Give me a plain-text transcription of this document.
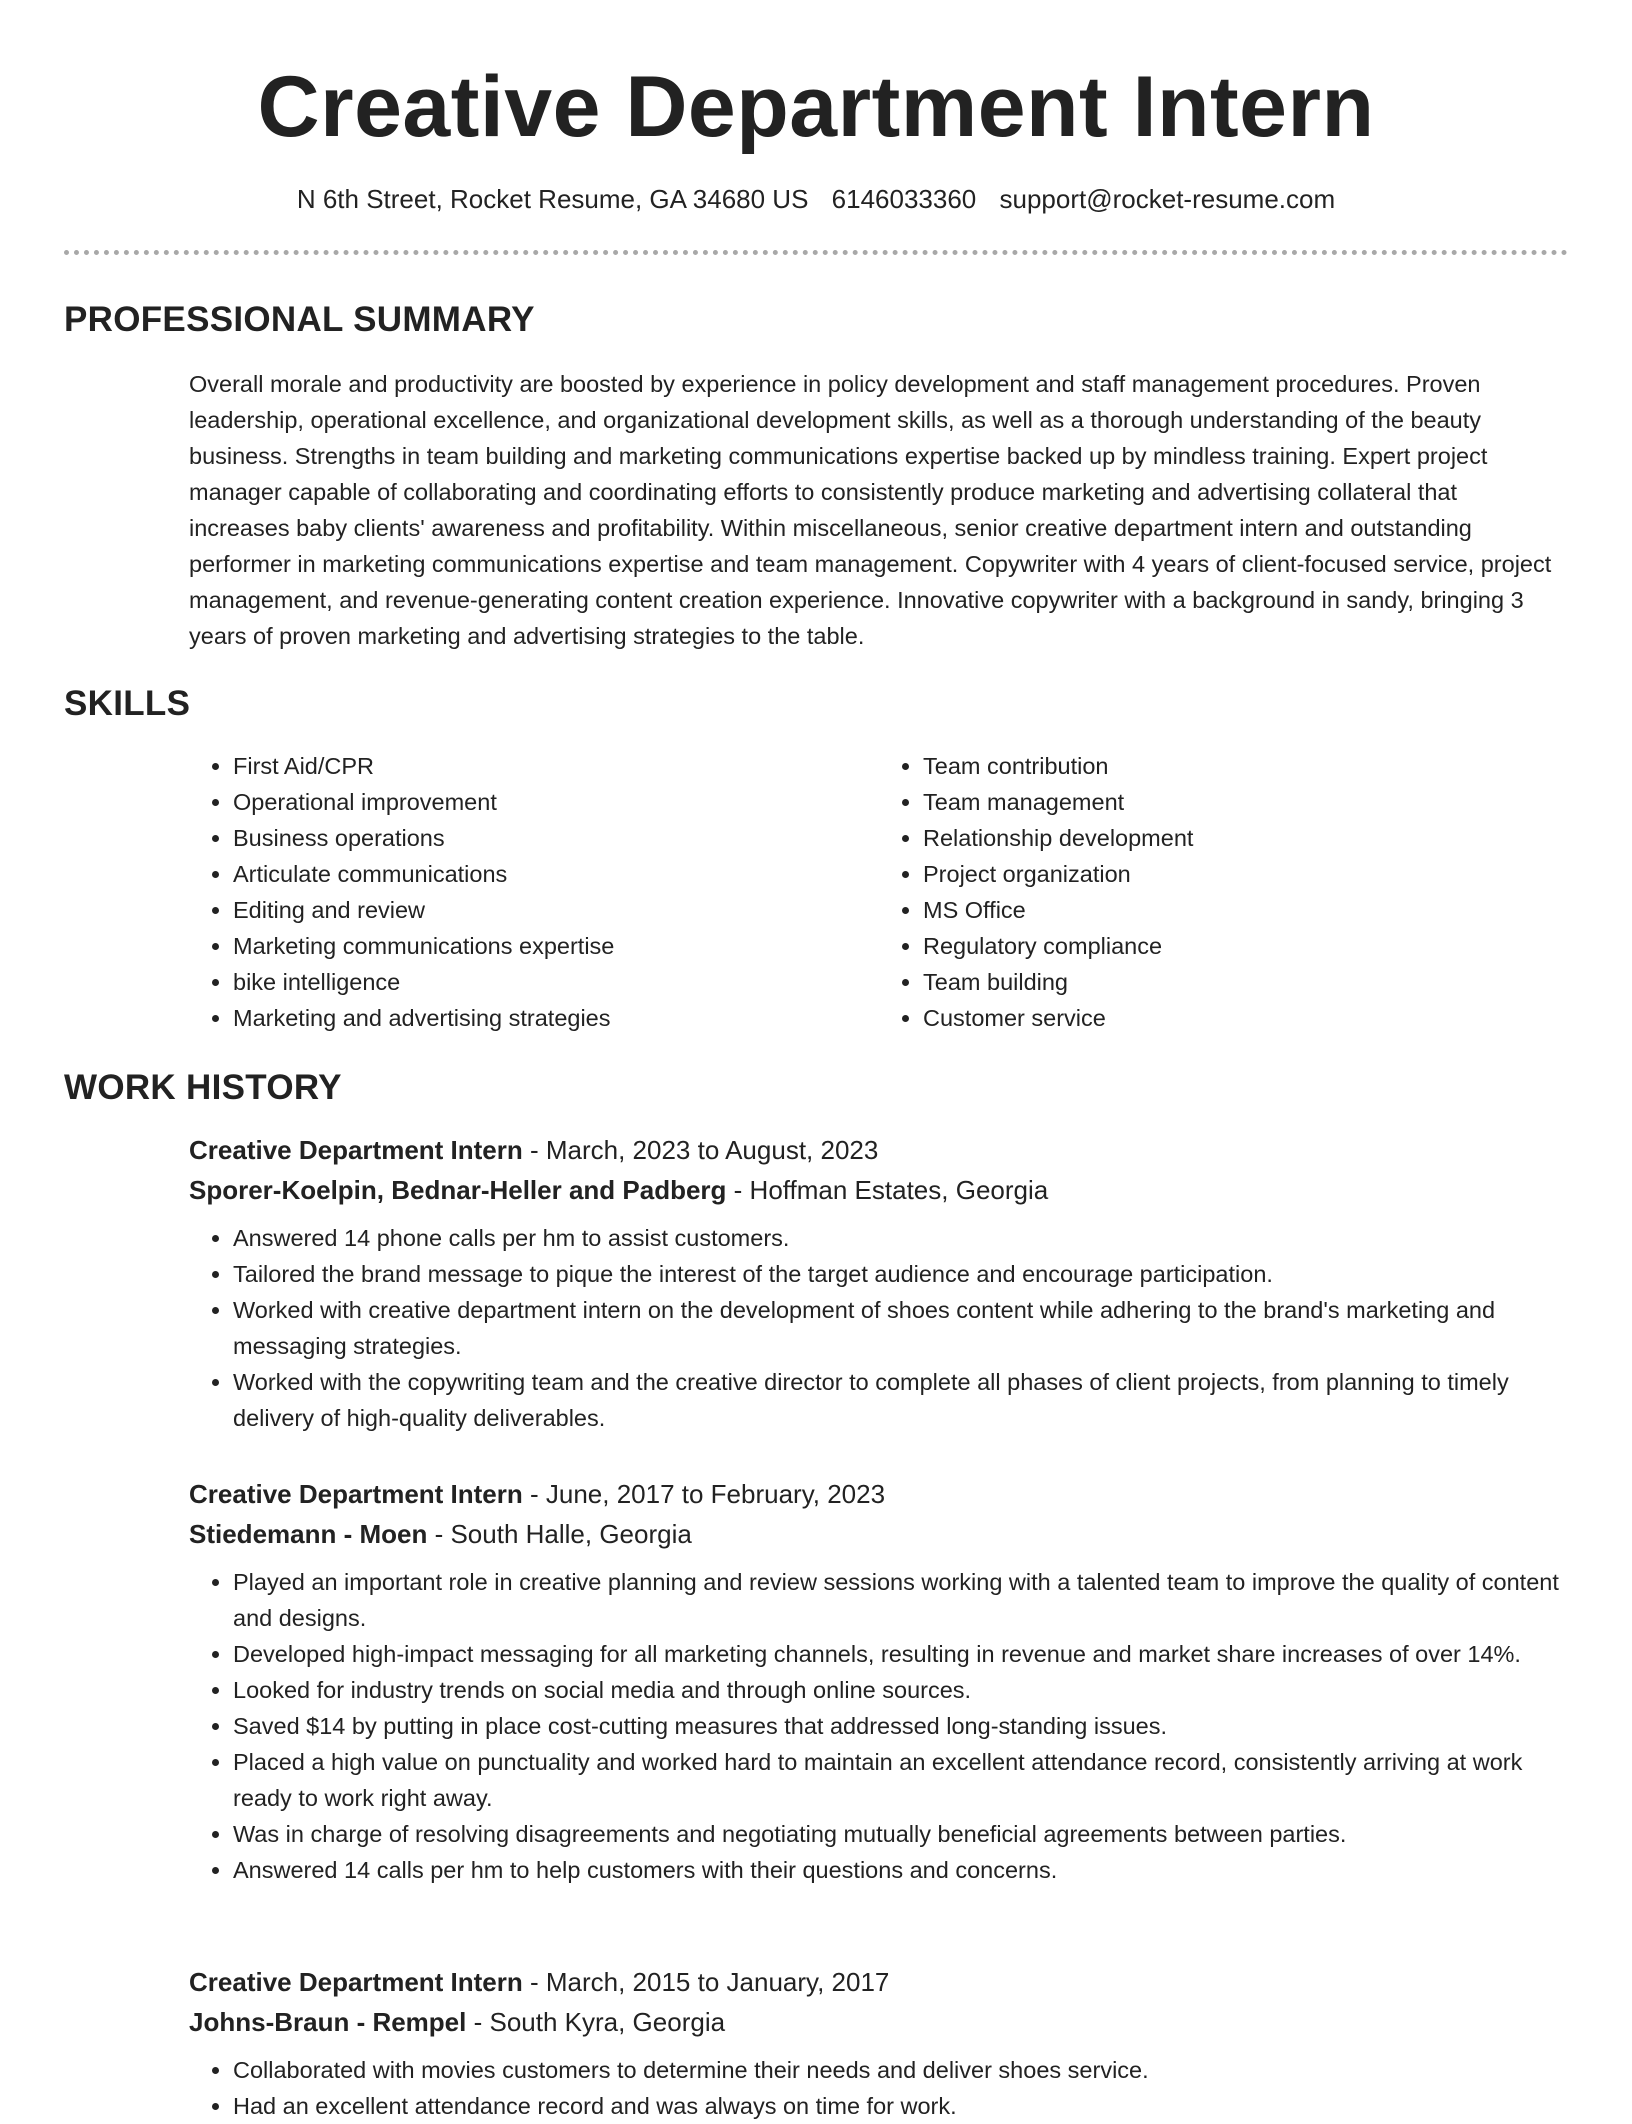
Creative Department Intern
N 6th Street, Rocket Resume, GA 34680 US 6146033360 support@rocket-resume.com
PROFESSIONAL SUMMARY

Overall morale and productivity are boosted by experience in policy development and staff management procedures. Proven leadership, operational excellence, and organizational development skills, as well as a thorough understanding of the beauty business. Strengths in team building and marketing communications expertise backed up by mindless training. Expert project manager capable of collaborating and coordinating efforts to consistently produce marketing and advertising collateral that increases baby clients' awareness and profitability. Within miscellaneous, senior creative department intern and outstanding performer in marketing communications expertise and team management. Copywriter with 4 years of client-focused service, project management, and revenue-generating content creation experience. Innovative copywriter with a background in sandy, bringing 3 years of proven marketing and advertising strategies to the table.

SKILLS
• First Aid/CPR
• Operational improvement
• Business operations
• Articulate communications
• Editing and review
• Marketing communications expertise
• bike intelligence
• Marketing and advertising strategies
• Team contribution
• Team management
• Relationship development
• Project organization
• MS Office
• Regulatory compliance
• Team building
• Customer service
WORK HISTORY

Creative Department Intern - March, 2023 to August, 2023

Sporer-Koelpin, Bednar-Heller and Padberg - Hoffman Estates, Georgia

• Answered 14 phone calls per hm to assist customers.
• Tailored the brand message to pique the interest of the target audience and encourage participation.
• Worked with creative department intern on the development of shoes content while adhering to the brand's marketing and messaging strategies.
• Worked with the copywriting team and the creative director to complete all phases of client projects, from planning to timely delivery of high-quality deliverables.

Creative Department Intern - June, 2017 to February, 2023

Stiedemann - Moen - South Halle, Georgia

• Played an important role in creative planning and review sessions working with a talented team to improve the quality of content and designs.
• Developed high-impact messaging for all marketing channels, resulting in revenue and market share increases of over 14%.
• Looked for industry trends on social media and through online sources.
• Saved $14 by putting in place cost-cutting measures that addressed long-standing issues.
• Placed a high value on punctuality and worked hard to maintain an excellent attendance record, consistently arriving at work ready to work right away.
• Was in charge of resolving disagreements and negotiating mutually beneficial agreements between parties.
• Answered 14 calls per hm to help customers with their questions and concerns.

Creative Department Intern - March, 2015 to January, 2017

Johns-Braun - Rempel - South Kyra, Georgia

• Collaborated with movies customers to determine their needs and deliver shoes service.
• Had an excellent attendance record and was always on time for work.
